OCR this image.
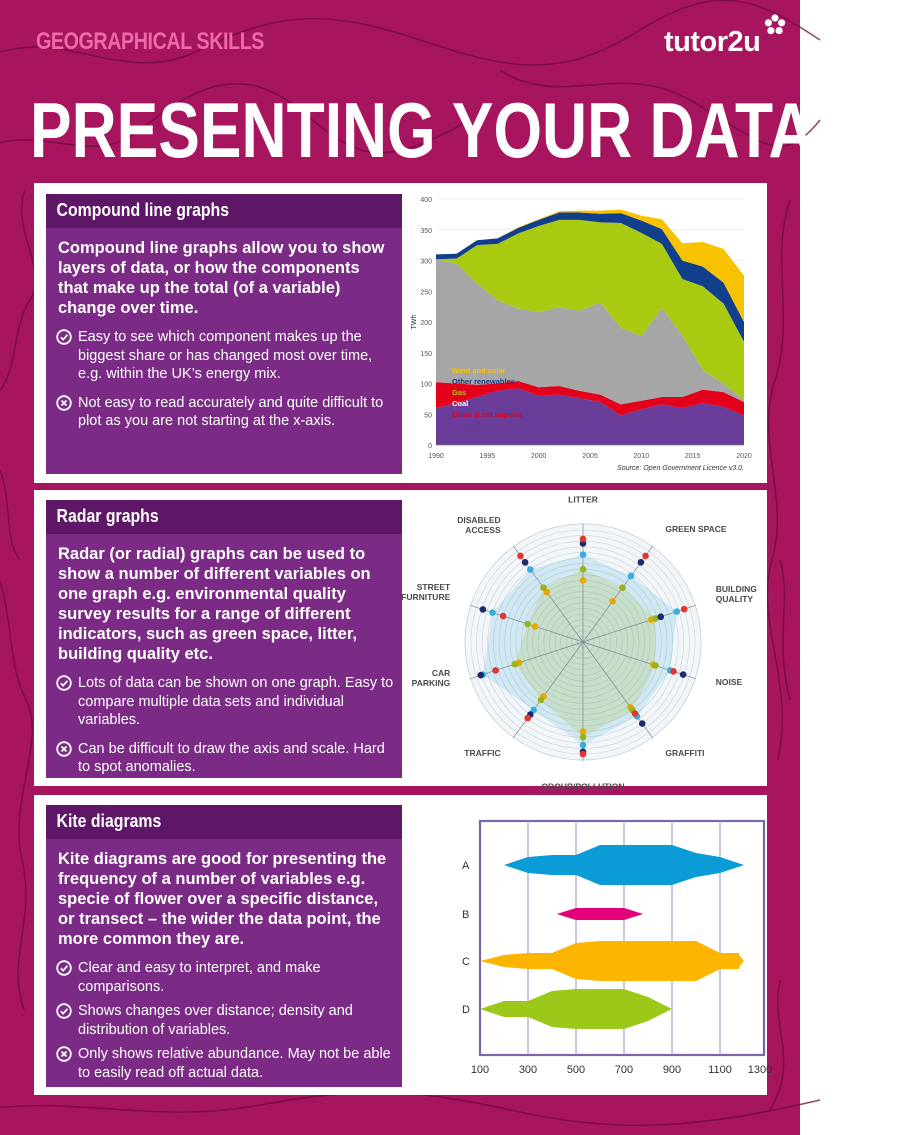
GEOGRAPHICAL SKILLS	tutor2u
PRESENTING YOUR DATA (3)
Compound line graphs
Compound line graphs allow you to show layers of data, or how the components that make up the total (of a variable) change over time.
Easy to see which component makes up the biggest share or has changed most over time, e.g. within the UK’s energy mix.
Not easy to read accurately and quite difficult to plot as you are not starting at the x-axis.
0
50
100
150
200
250
300
350
400
1990	1995	2000	2005	2010	2015	2020
TWh
Wind and solar
Other renewables
Gas
Coal
Other & net imports
Nuclear
Source: Open Government Licence v3.0.
Radar graphs
Radar (or radial) graphs can be used to show a number of different variables on one graph e.g. environmental quality survey results for a range of different indicators, such as green space, litter, building quality etc.
Lots of data can be shown on one graph. Easy to compare multiple data sets and individual variables.
Can be difficult to draw the axis and scale. Hard to spot anomalies.
LITTER
GREEN SPACE
BUILDING QUALITY
NOISE
GRAFFITI
ODOUR/POLLUTION
TRAFFIC
CAR PARKING
STREET FURNITURE
DISABLED ACCESS
Kite diagrams
Kite diagrams are good for presenting the frequency of a number of variables e.g. specie of flower over a specific distance, or transect – the wider the data point, the more common they are.
Clear and easy to interpret, and make comparisons.
Shows changes over distance; density and distribution of variables.
Only shows relative abundance. May not be able to easily read off actual data.	100	300	500	700	900 1100 1300
A
B
C
D
